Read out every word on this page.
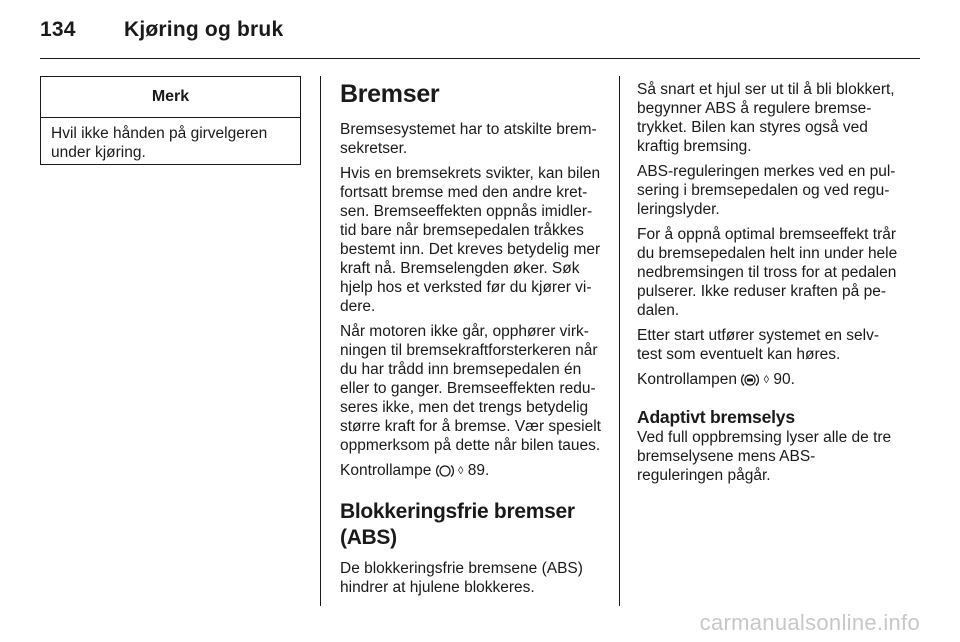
134 Kjøring og bruk
Merk
Hvil ikke hånden på girvelgeren
under kjøring.
Bremser

Bremsesystemet har to atskilte brem-
sekretser.

Hvis en bremsekrets svikter, kan bilen
fortsatt bremse med den andre kret-
sen. Bremseeffekten oppnås imidler-
tid bare når bremsepedalen tråkkes
bestemt inn. Det kreves betydelig mer
kraft nå. Bremselengden øker. Søk
hjelp hos et verksted før du kjører vi-
dere.

Når motoren ikke går, opphører virk-
ningen til bremsekraftforsterkeren når
du har trådd inn bremsepedalen én
eller to ganger. Bremseeffekten redu-
seres ikke, men det trengs betydelig
større kraft for å bremse. Vær spesielt
oppmerksom på dette når bilen taues.

Kontrollampe ◊ 89.

Blokkeringsfrie bremser
(ABS)

De blokkeringsfrie bremsene (ABS)
hindrer at hjulene blokkeres.

Så snart et hjul ser ut til å bli blokkert,
begynner ABS å regulere bremse-
trykket. Bilen kan styres også ved
kraftig bremsing.

ABS-reguleringen merkes ved en pul-
sering i bremsepedalen og ved regu-
leringslyder.

For å oppnå optimal bremseeffekt trår
du bremsepedalen helt inn under hele
nedbremsingen til tross for at pedalen
pulserer. Ikke reduser kraften på pe-
dalen.

Etter start utfører systemet en selv-
test som eventuelt kan høres.

Kontrollampen ◊ 90.

Adaptivt bremselys

Ved full oppbremsing lyser alle de tre
bremselysene mens ABS-
reguleringen pågår.

carmanualsonline.info
